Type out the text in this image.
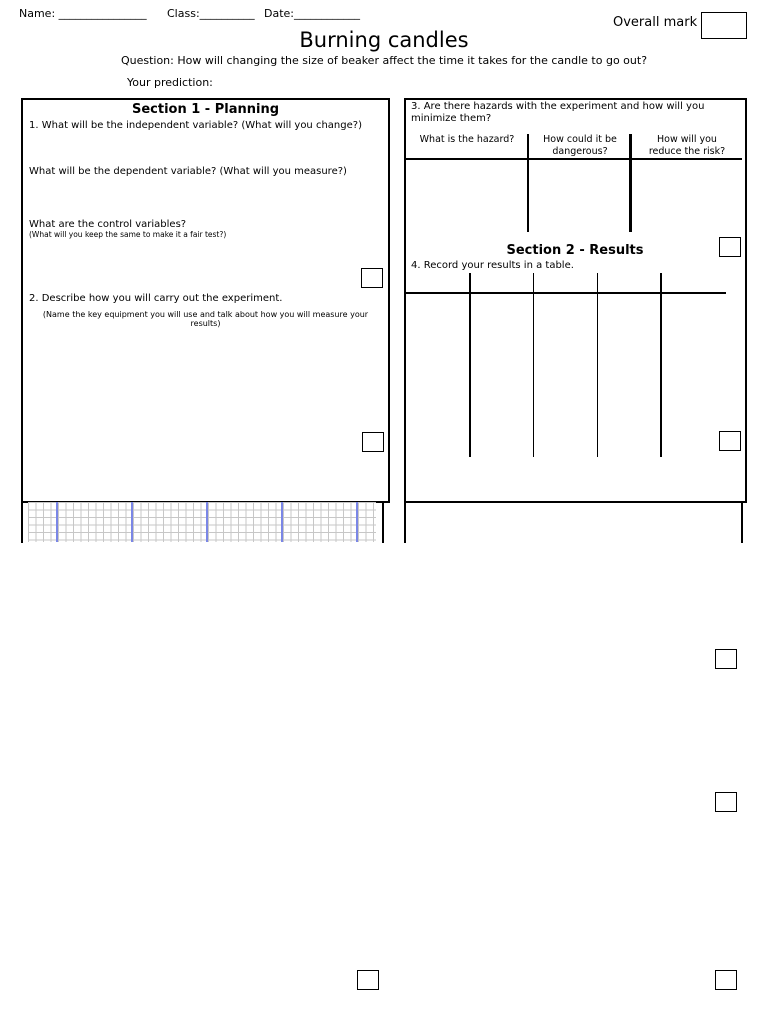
Name: ________________ Class:__________ Date:____________
Overall mark
Burning candles
Question: How will changing the size of beaker affect the time it takes for the candle to go out?
Your prediction:
Section 1 - Planning
1. What will be the independent variable? (What will you change?)
What will be the dependent variable? (What will you measure?)
What are the control variables?
(What will you keep the same to make it a fair test?)
2. Describe how you will carry out the experiment.
(Name the key equipment you will use and talk about how you will measure your
results)
3. Are there hazards with the experiment and how will you
minimize them?
What is the hazard?	How could it be
dangerous?
How will you
reduce the risk?
Section 2 - Results
4. Record your results in a table.
